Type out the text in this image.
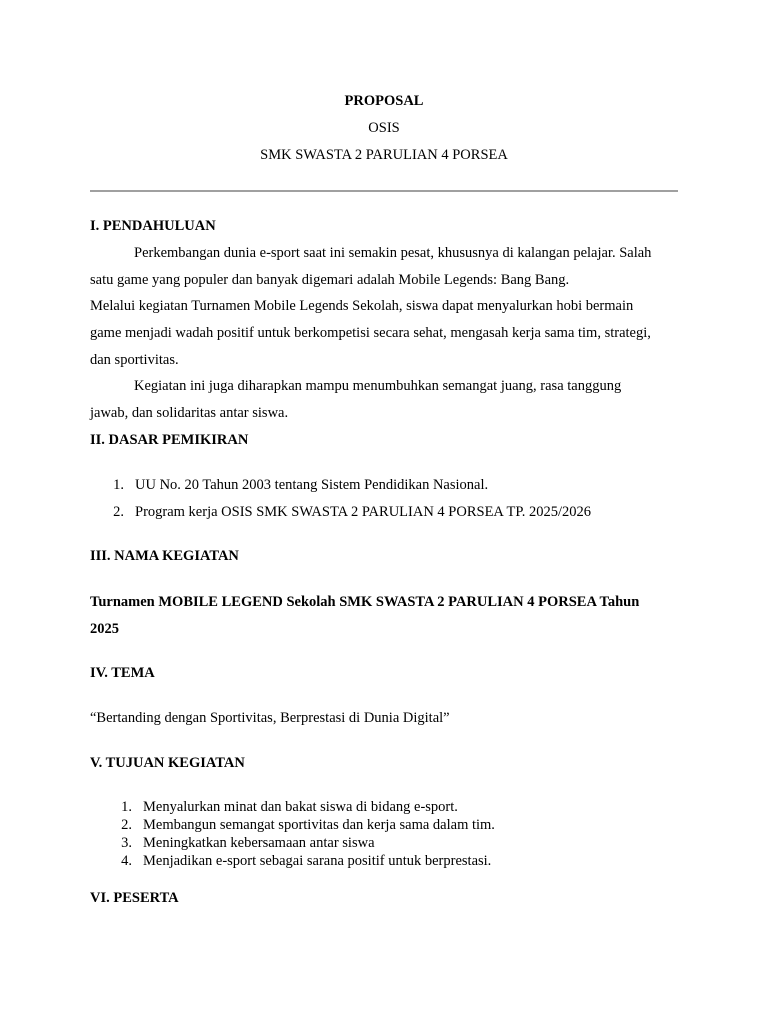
PROPOSAL
OSIS
SMK SWASTA 2 PARULIAN 4 PORSEA
I. PENDAHULUAN
Perkembangan dunia e-sport saat ini semakin pesat, khususnya di kalangan pelajar. Salah
satu game yang populer dan banyak digemari adalah Mobile Legends: Bang Bang.
Melalui kegiatan Turnamen Mobile Legends Sekolah, siswa dapat menyalurkan hobi bermain
game menjadi wadah positif untuk berkompetisi secara sehat, mengasah kerja sama tim, strategi,
dan sportivitas.
Kegiatan ini juga diharapkan mampu menumbuhkan semangat juang, rasa tanggung
jawab, dan solidaritas antar siswa.
II. DASAR PEMIKIRAN
1. UU No. 20 Tahun 2003 tentang Sistem Pendidikan Nasional.
2. Program kerja OSIS SMK SWASTA 2 PARULIAN 4 PORSEA TP. 2025/2026
III. NAMA KEGIATAN
Turnamen MOBILE LEGEND Sekolah SMK SWASTA 2 PARULIAN 4 PORSEA Tahun
2025
IV. TEMA
“Bertanding dengan Sportivitas, Berprestasi di Dunia Digital”
V. TUJUAN KEGIATAN
1. Menyalurkan minat dan bakat siswa di bidang e-sport.
2. Membangun semangat sportivitas dan kerja sama dalam tim.
3. Meningkatkan kebersamaan antar siswa
4. Menjadikan e-sport sebagai sarana positif untuk berprestasi.
VI. PESERTA
